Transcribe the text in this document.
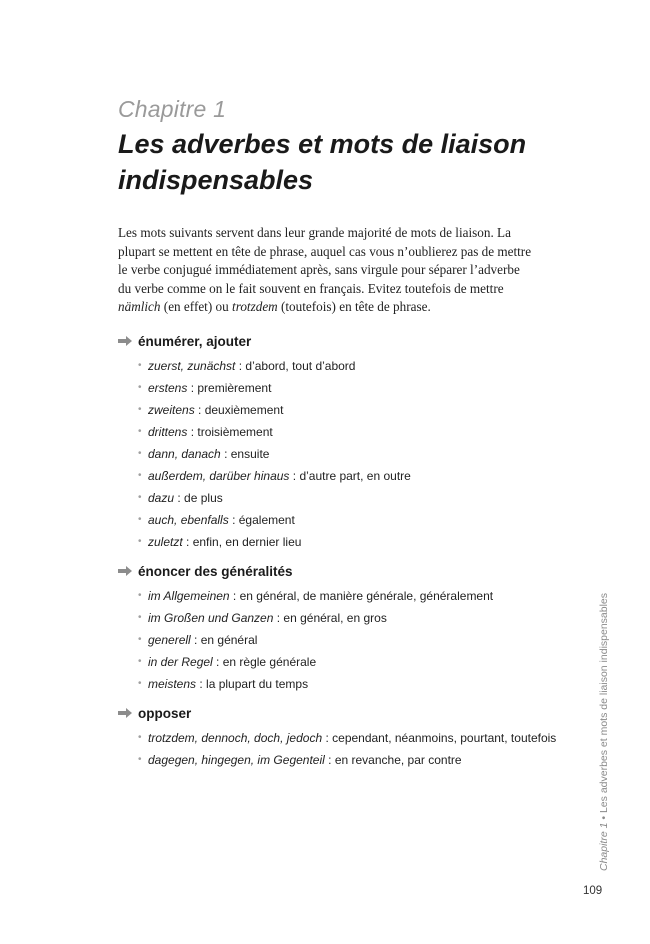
Chapitre 1
Les adverbes et mots de liaison indispensables

Les mots suivants servent dans leur grande majorité de mots de liaison. La plupart se mettent en tête de phrase, auquel cas vous n’oublierez pas de mettre le verbe conjugué immédiatement après, sans virgule pour séparer l’adverbe du verbe comme on le fait souvent en français. Evitez toutefois de mettre nämlich (en effet) ou trotzdem (toutefois) en tête de phrase.

énumérer, ajouter
• zuerst, zunächst : d’abord, tout d’abord
• erstens : premièrement
• zweitens : deuxièmement
• drittens : troisièmement
• dann, danach : ensuite
• außerdem, darüber hinaus : d’autre part, en outre
• dazu : de plus
• auch, ebenfalls : également
• zuletzt : enfin, en dernier lieu
énoncer des généralités
• im Allgemeinen : en général, de manière générale, généralement
• im Großen und Ganzen : en général, en gros
• generell : en général
• in der Regel : en règle générale
• meistens : la plupart du temps
opposer
• trotzdem, dennoch, doch, jedoch : cependant, néanmoins, pourtant, toutefois
• dagegen, hingegen, im Gegenteil : en revanche, par contre
Chapitre 1 • Les adverbes et mots de liaison indispensables
109
